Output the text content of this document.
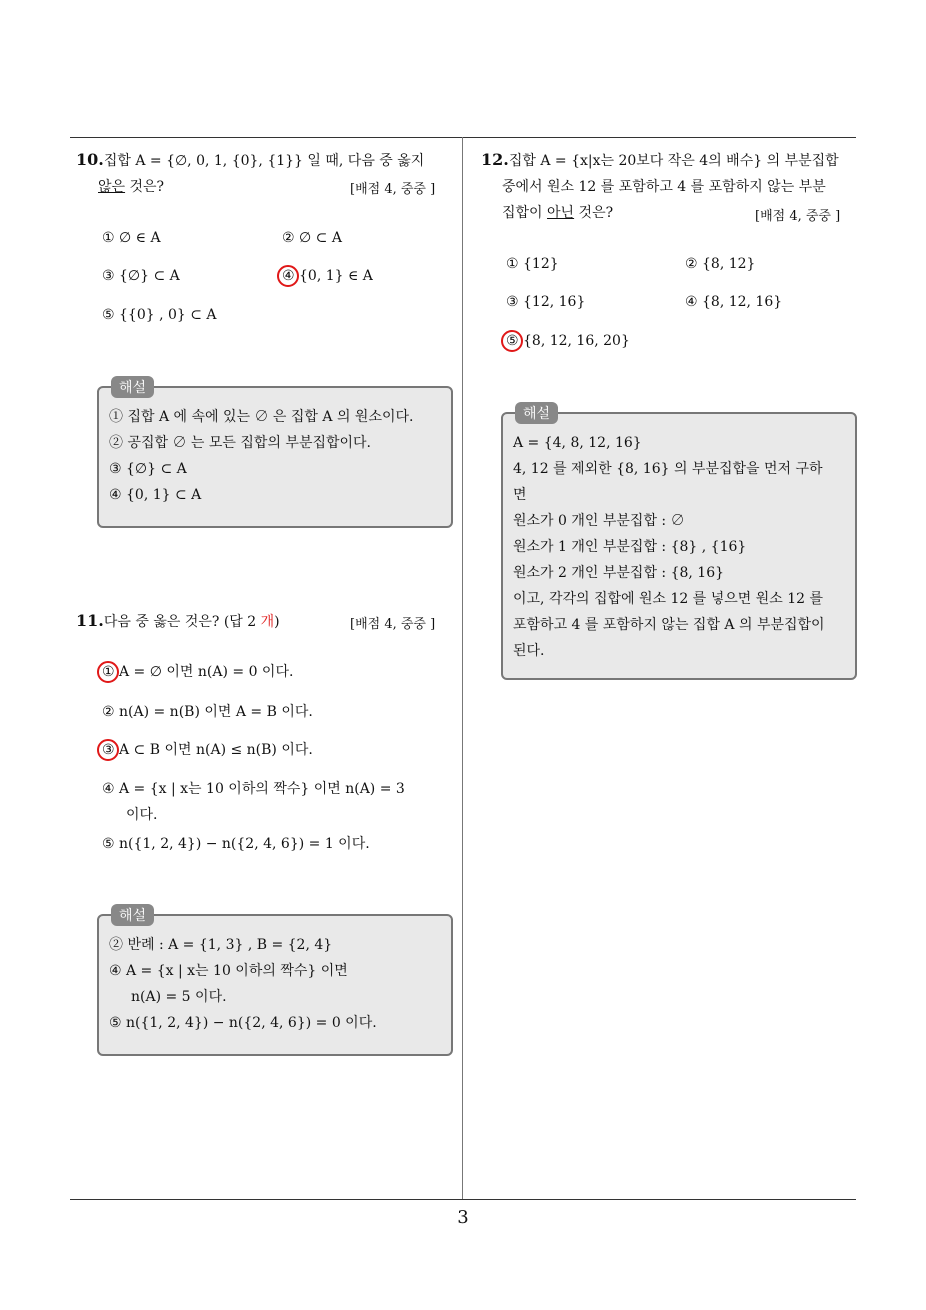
10.집합 A = {∅, 0, 1, {0}, {1}} 일 때, 다음 중 옳지
않은 것은?	[배점 4, 중중 ]
① ∅ ∈ A	② ∅ ⊂ A
③ {∅} ⊂ A	④ {0, 1} ∈ A
⑤ {{0} , 0} ⊂ A
해설
① 집합 A 에 속에 있는 ∅ 은 집합 A 의 원소이다.
② 공집합 ∅ 는 모든 집합의 부분집합이다.
③ {∅} ⊂ A
④ {0, 1} ⊂ A
11.다음 중 옳은 것은? (답 2 개)	[배점 4, 중중 ]
① A = ∅ 이면 n(A) = 0 이다.
② n(A) = n(B) 이면 A = B 이다.
③ A ⊂ B 이면 n(A) ≤ n(B) 이다.
④ A = {x | x는 10 이하의 짝수} 이면 n(A) = 3
이다.
⑤ n({1, 2, 4}) − n({2, 4, 6}) = 1 이다.
해설
② 반례 : A = {1, 3} , B = {2, 4}
④ A = {x | x는 10 이하의 짝수} 이면
n(A) = 5 이다.
⑤ n({1, 2, 4}) − n({2, 4, 6}) = 0 이다.
12.집합 A = {x|x는 20보다 작은 4의 배수} 의 부분집합
중에서 원소 12 를 포함하고 4 를 포함하지 않는 부분
집합이 아닌 것은?	[배점 4, 중중 ]
① {12}	② {8, 12}
③ {12, 16}	④ {8, 12, 16}
⑤ {8, 12, 16, 20}
해설
A = {4, 8, 12, 16}
4, 12 를 제외한 {8, 16} 의 부분집합을 먼저 구하
면
원소가 0 개인 부분집합 : ∅
원소가 1 개인 부분집합 : {8} , {16}
원소가 2 개인 부분집합 : {8, 16}
이고, 각각의 집합에 원소 12 를 넣으면 원소 12 를
포함하고 4 를 포함하지 않는 집합 A 의 부분집합이
된다.
3
